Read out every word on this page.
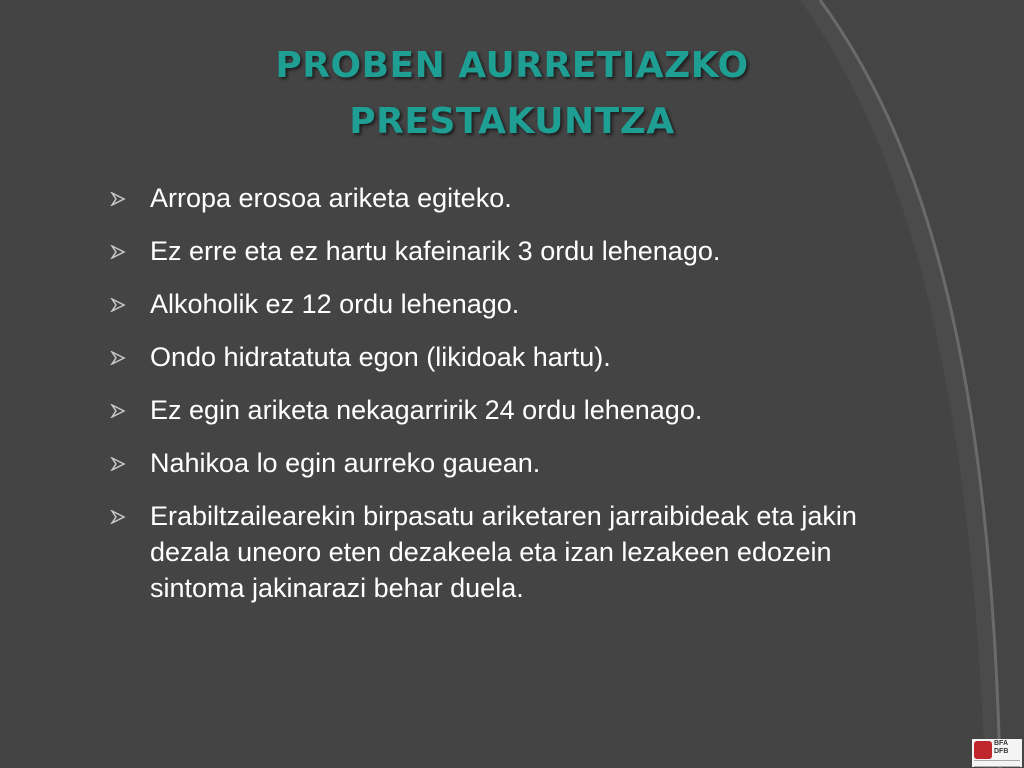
PROBEN AURRETIAZKO
PRESTAKUNTZA
Arropa erosoa ariketa egiteko.
Ez erre eta ez hartu kafeinarik 3 ordu lehenago.
Alkoholik ez 12 ordu lehenago.
Ondo hidratatuta egon (likidoak hartu).
Ez egin ariketa nekagarririk 24 ordu lehenago.
Nahikoa lo egin aurreko gauean.
Erabiltzailearekin birpasatu ariketaren jarraibideak eta jakin dezala uneoro eten dezakeela eta izan lezakeen edozein sintoma jakinarazi behar duela.
BFA DFB
